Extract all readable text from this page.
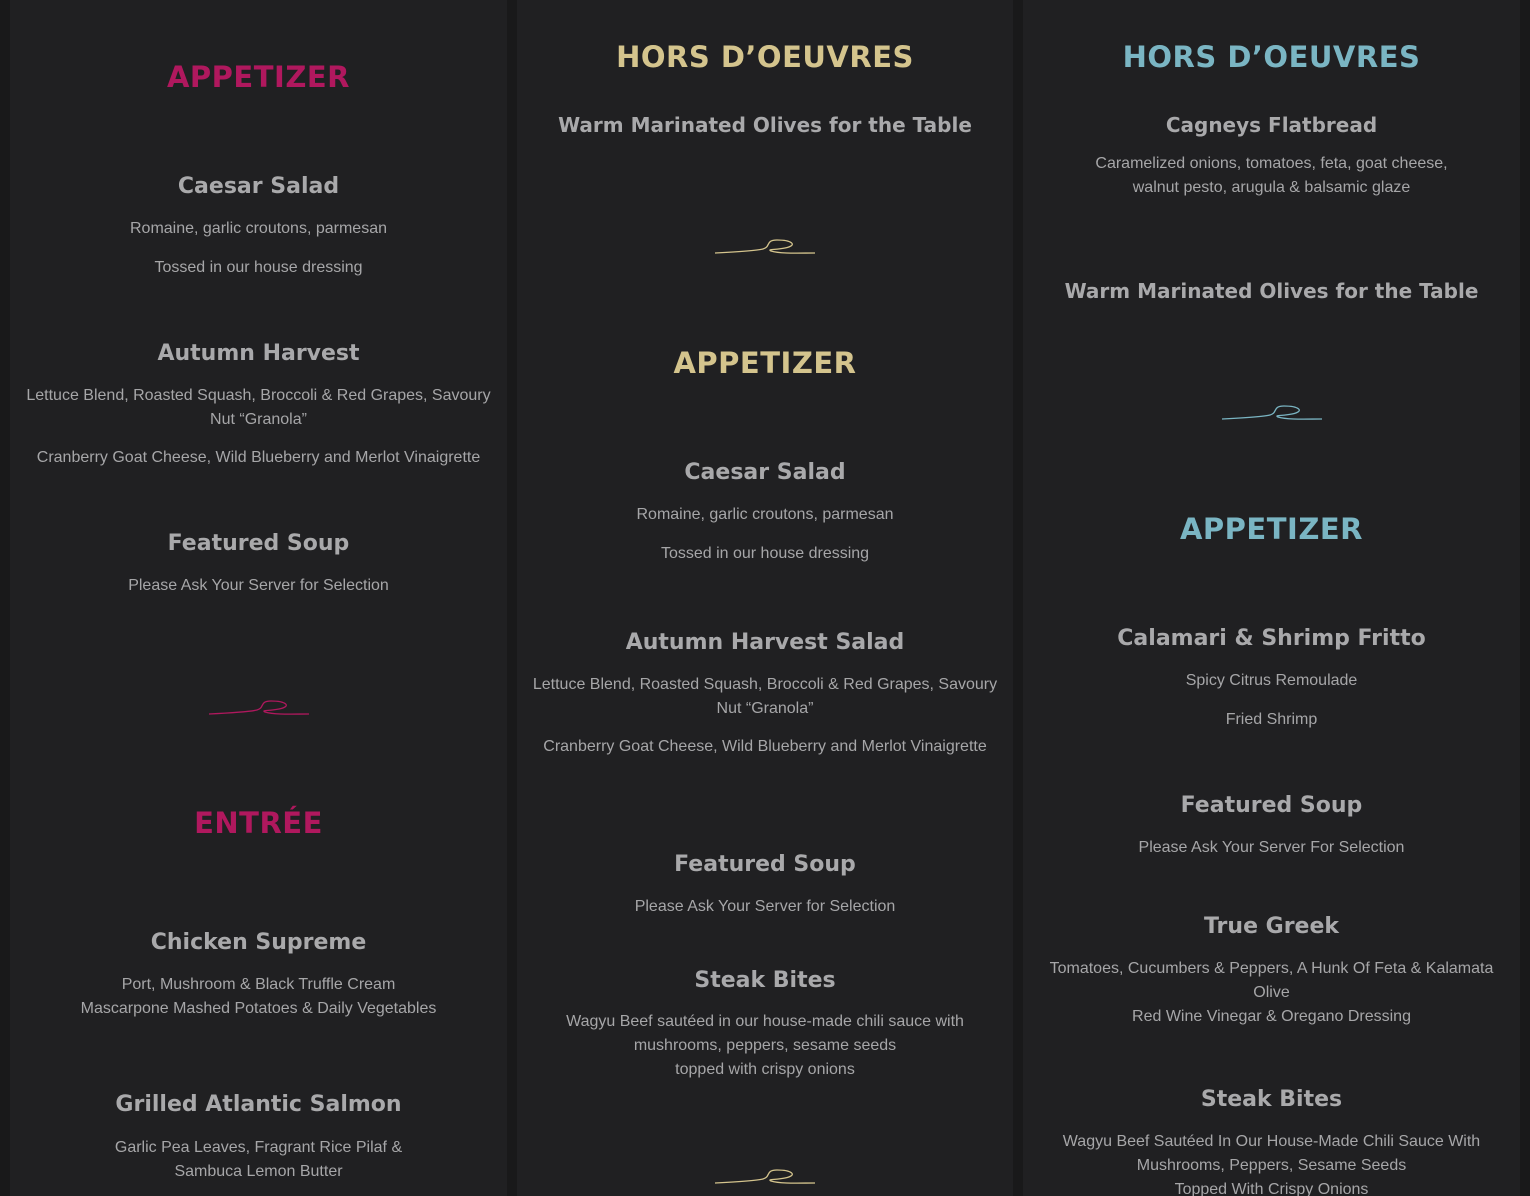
APPETIZER
Caesar Salad
Romaine, garlic croutons, parmesan
Tossed in our house dressing
Autumn Harvest
Lettuce Blend, Roasted Squash, Broccoli & Red Grapes, Savoury
Nut “Granola”
Cranberry Goat Cheese, Wild Blueberry and Merlot Vinaigrette
Featured Soup
Please Ask Your Server for Selection
ENTRÉE
Chicken Supreme
Port, Mushroom & Black Truffle Cream
Mascarpone Mashed Potatoes & Daily Vegetables
Grilled Atlantic Salmon
Garlic Pea Leaves, Fragrant Rice Pilaf &
Sambuca Lemon Butter
HORS D’OEUVRES
Warm Marinated Olives for the Table
APPETIZER
Caesar Salad
Romaine, garlic croutons, parmesan
Tossed in our house dressing
Autumn Harvest Salad
Lettuce Blend, Roasted Squash, Broccoli & Red Grapes, Savoury
Nut “Granola”
Cranberry Goat Cheese, Wild Blueberry and Merlot Vinaigrette
Featured Soup
Please Ask Your Server for Selection
Steak Bites
Wagyu Beef sautéed in our house-made chili sauce with
mushrooms, peppers, sesame seeds
topped with crispy onions
HORS D’OEUVRES
Cagneys Flatbread
Caramelized onions, tomatoes, feta, goat cheese,
walnut pesto, arugula & balsamic glaze
Warm Marinated Olives for the Table
APPETIZER
Calamari & Shrimp Fritto
Spicy Citrus Remoulade
Fried Shrimp
Featured Soup
Please Ask Your Server For Selection
True Greek
Tomatoes, Cucumbers & Peppers, A Hunk Of Feta & Kalamata
Olive
Red Wine Vinegar & Oregano Dressing
Steak Bites
Wagyu Beef Sautéed In Our House-Made Chili Sauce With
Mushrooms, Peppers, Sesame Seeds
Topped With Crispy Onions
